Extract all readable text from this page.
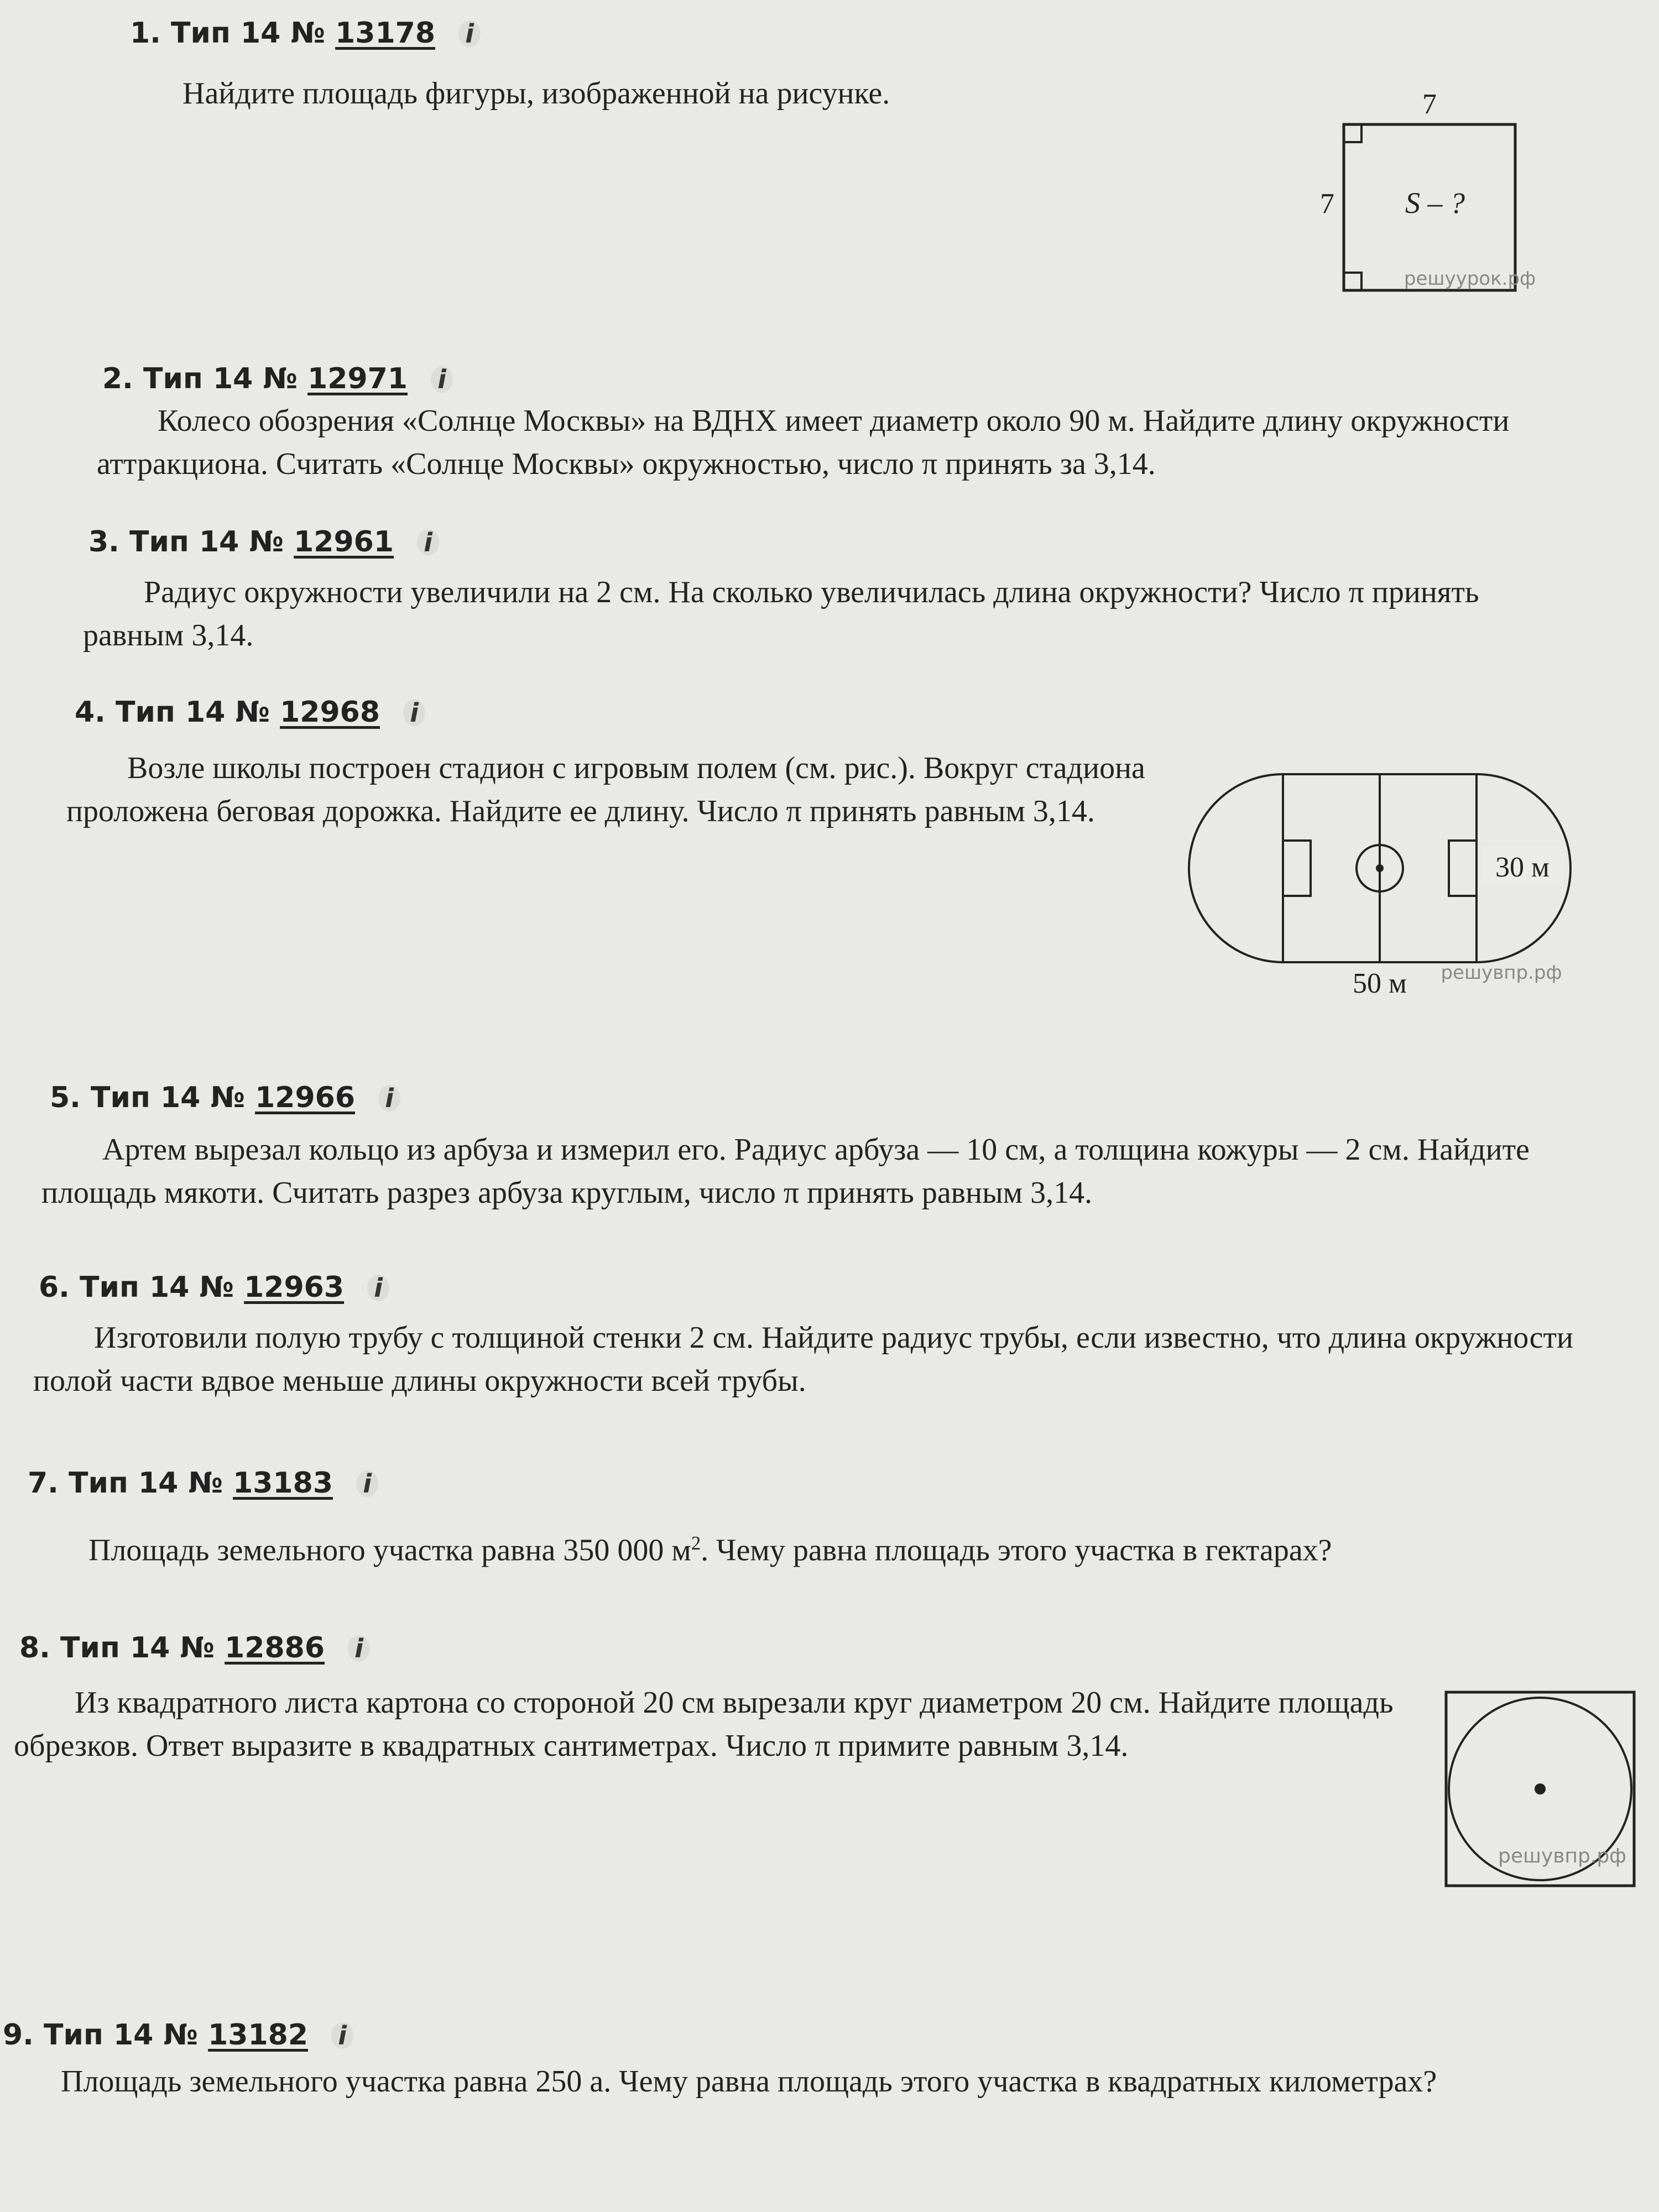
1. Тип 14 № 13178 i

Найдите площадь фигуры, изображенной на рисунке.	7
7 S – ?
решуурок.рф
2. Тип 14 № 12971 i

Колесо обозрения «Солнце Москвы» на ВДНХ имеет диаметр около 90 м. Найдите длину окружности аттракциона. Считать «Солнце Москвы» окружностью, число π принять за 3,14.

3. Тип 14 № 12961 i

Радиус окружности увеличили на 2 см. На сколько увеличилась длина окружности? Число π принять равным 3,14.

4. Тип 14 № 12968 i

Возле школы построен стадион с игровым полем (см. рис.). Вокруг стадиона проложена беговая дорожка. Найдите ее длину. Число π принять равным 3,14.

30 м
50 м решувпр.рф
5. Тип 14 № 12966 i

Артем вырезал кольцо из арбуза и измерил его. Радиус арбуза — 10 см, а толщина кожуры — 2 см. Найдите площадь мякоти. Считать разрез арбуза круглым, число π принять равным 3,14.

6. Тип 14 № 12963 i

Изготовили полую трубу с толщиной стенки 2 см. Найдите радиус трубы, если известно, что длина окружности полой части вдвое меньше длины окружности всей трубы.

7. Тип 14 № 13183 i

Площадь земельного участка равна 350 000 $м^2$. Чему равна площадь этого участка в гектарах?

8. Тип 14 № 12886 i

Из квадратного листа картона со стороной 20 см вырезали круг диаметром 20 см. Найдите площадь обрезков. Ответ выразите в квадратных сантиметрах. Число π примите равным 3,14.

решувпр.рф
9. Тип 14 № 13182 i

Площадь земельного участка равна 250 а. Чему равна площадь этого участка в квадратных километрах?
